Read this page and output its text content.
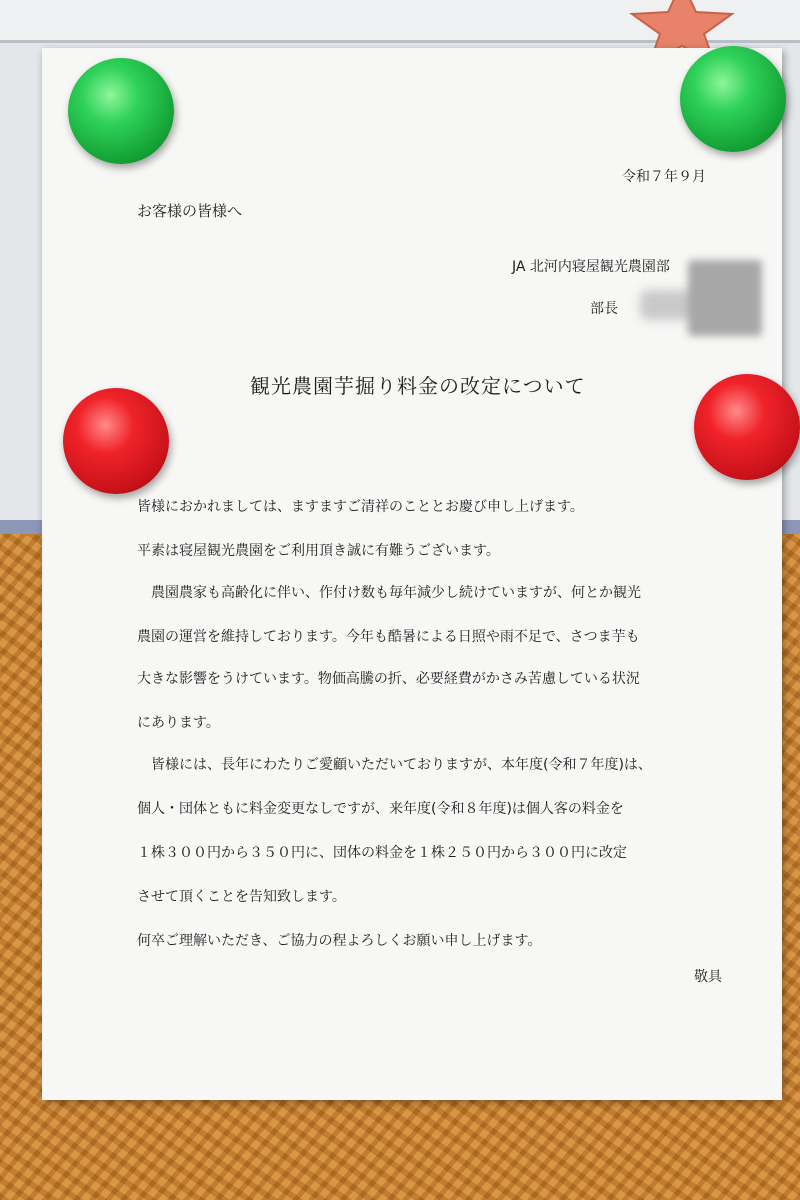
令和７年９月
お客様の皆様へ
JA 北河内寝屋観光農園部
部長
観光農園芋掘り料金の改定について
皆様におかれましては、ますますご清祥のこととお慶び申し上げます。
平素は寝屋観光農園をご利用頂き誠に有難うございます。
　農園農家も高齢化に伴い、作付け数も毎年減少し続けていますが、何とか観光
農園の運営を維持しております。今年も酷暑による日照や雨不足で、さつま芋も
大きな影響をうけています。物価高騰の折、必要経費がかさみ苦慮している状況
にあります。
　皆様には、長年にわたりご愛顧いただいておりますが、本年度(令和７年度)は、
個人・団体ともに料金変更なしですが、来年度(令和８年度)は個人客の料金を
１株３００円から３５０円に、団体の料金を１株２５０円から３００円に改定
させて頂くことを告知致します。
何卒ご理解いただき、ご協力の程よろしくお願い申し上げます。
敬具
